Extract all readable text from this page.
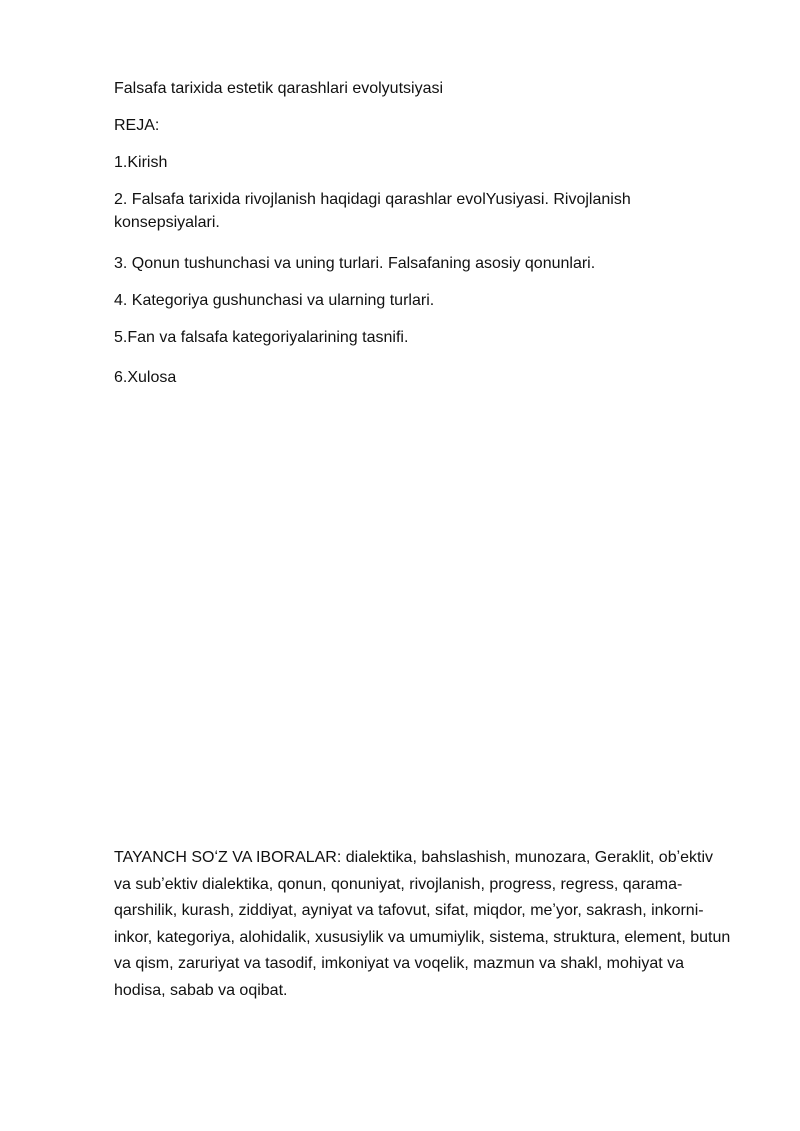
Falsafa tarixida estetik qarashlari evolyutsiyasi

REJA:

1.Kirish

2. Falsafa tarixida rivojlanish haqidagi qarashlar evolYusiyasi. Rivojlanish konsepsiyalari.

3. Qonun tushunchasi va uning turlari. Falsafaning asosiy qonunlari.

4. Kategoriya gushunchasi va ularning turlari.

5.Fan va falsafa kategoriyalarining tasnifi.

6.Xulosa

TAYANCH SOʻZ VA IBORALAR: dialektika, bahslashish, munozara, Geraklit, obʼektiv va subʼektiv dialektika, qonun, qonuniyat, rivojlanish, progress, regress, qarama-qarshilik, kurash, ziddiyat, ayniyat va tafovut, sifat, miqdor, meʼyor, sakrash, inkorni-inkor, kategoriya, alohidalik, xususiylik va umumiylik, sistema, struktura, element, butun va qism, zaruriyat va tasodif, imkoniyat va voqelik, mazmun va shakl, mohiyat va hodisa, sabab va oqibat.
